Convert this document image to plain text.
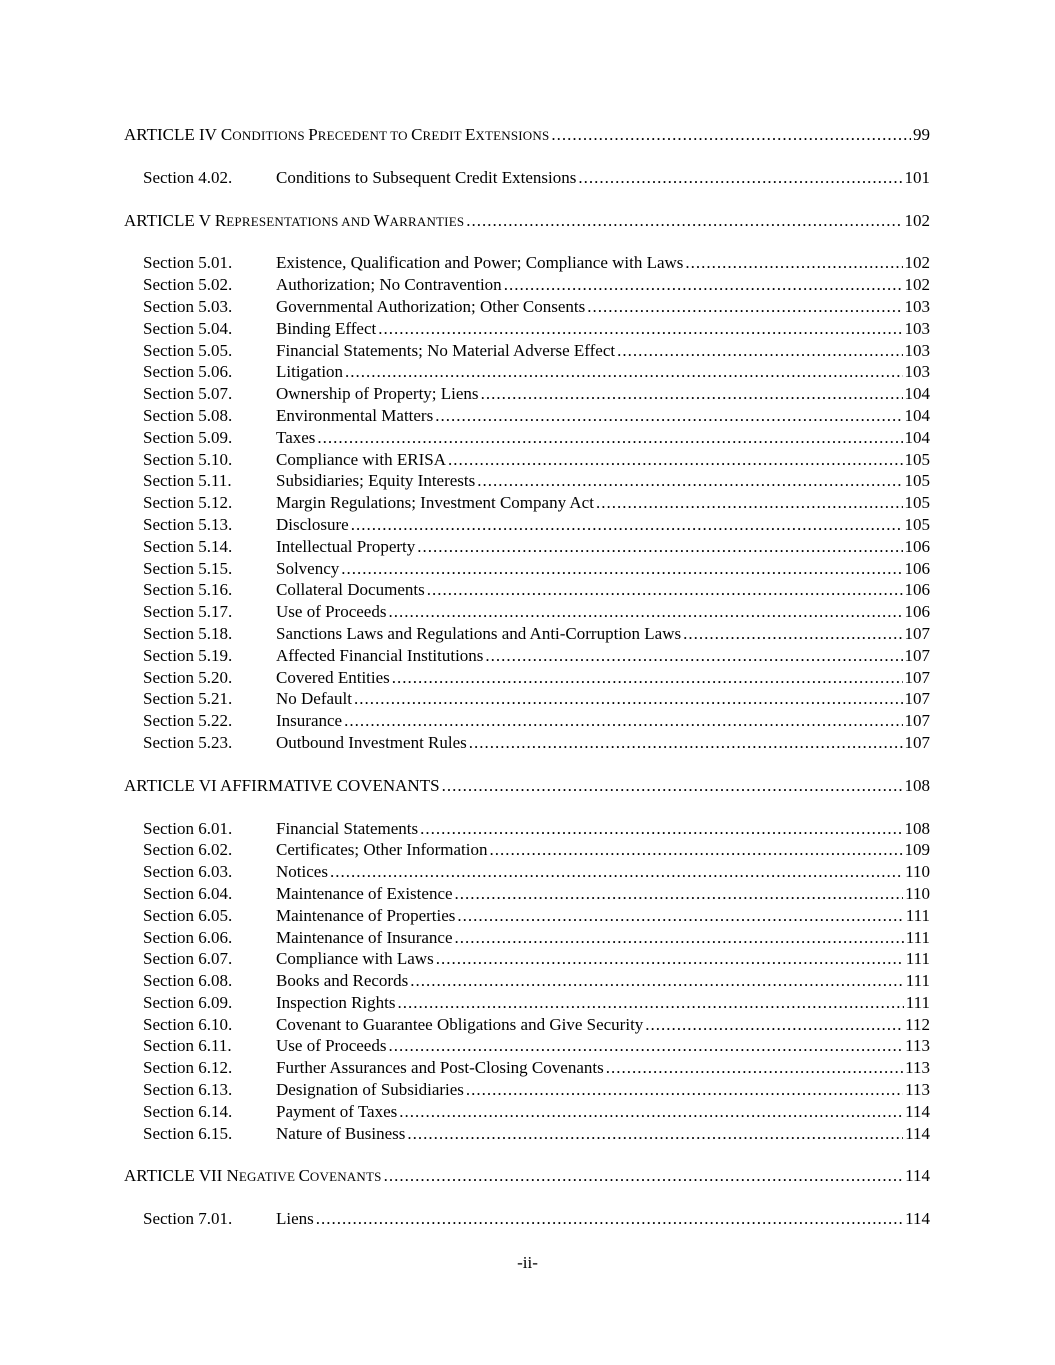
ARTICLE IV CONDITIONS PRECEDENT TO CREDIT EXTENSIONS .....	99
Section 4.02.	Conditions to Subsequent Credit Extensions .....	101
ARTICLE V REPRESENTATIONS AND WARRANTIES .....	102
Section 5.01.	Existence, Qualification and Power; Compliance with Laws .....	102
Section 5.02.	Authorization; No Contravention .....	102
Section 5.03.	Governmental Authorization; Other Consents .....	103
Section 5.04.	Binding Effect .....	103
Section 5.05.	Financial Statements; No Material Adverse Effect .....	103
Section 5.06.	Litigation .....	103
Section 5.07.	Ownership of Property; Liens .....	104
Section 5.08.	Environmental Matters .....	104
Section 5.09.	Taxes .....	104
Section 5.10.	Compliance with ERISA .....	105
Section 5.11.	Subsidiaries; Equity Interests .....	105
Section 5.12.	Margin Regulations; Investment Company Act .....	105
Section 5.13.	Disclosure .....	105
Section 5.14.	Intellectual Property .....	106
Section 5.15.	Solvency .....	106
Section 5.16.	Collateral Documents .....	106
Section 5.17.	Use of Proceeds .....	106
Section 5.18.	Sanctions Laws and Regulations and Anti-Corruption Laws .....	107
Section 5.19.	Affected Financial Institutions .....	107
Section 5.20.	Covered Entities .....	107
Section 5.21.	No Default .....	107
Section 5.22.	Insurance .....	107
Section 5.23.	Outbound Investment Rules .....	107
ARTICLE VI AFFIRMATIVE COVENANTS .....	108
Section 6.01.	Financial Statements .....	108
Section 6.02.	Certificates; Other Information .....	109
Section 6.03.	Notices .....	110
Section 6.04.	Maintenance of Existence .....	110
Section 6.05.	Maintenance of Properties .....	111
Section 6.06.	Maintenance of Insurance .....	111
Section 6.07.	Compliance with Laws .....	111
Section 6.08.	Books and Records .....	111
Section 6.09.	Inspection Rights .....	111
Section 6.10.	Covenant to Guarantee Obligations and Give Security .....	112
Section 6.11.	Use of Proceeds .....	113
Section 6.12.	Further Assurances and Post-Closing Covenants .....	113
Section 6.13.	Designation of Subsidiaries .....	113
Section 6.14.	Payment of Taxes .....	114
Section 6.15.	Nature of Business .....	114
ARTICLE VII NEGATIVE COVENANTS .....	114
Section 7.01.	Liens .....	114
-ii-
